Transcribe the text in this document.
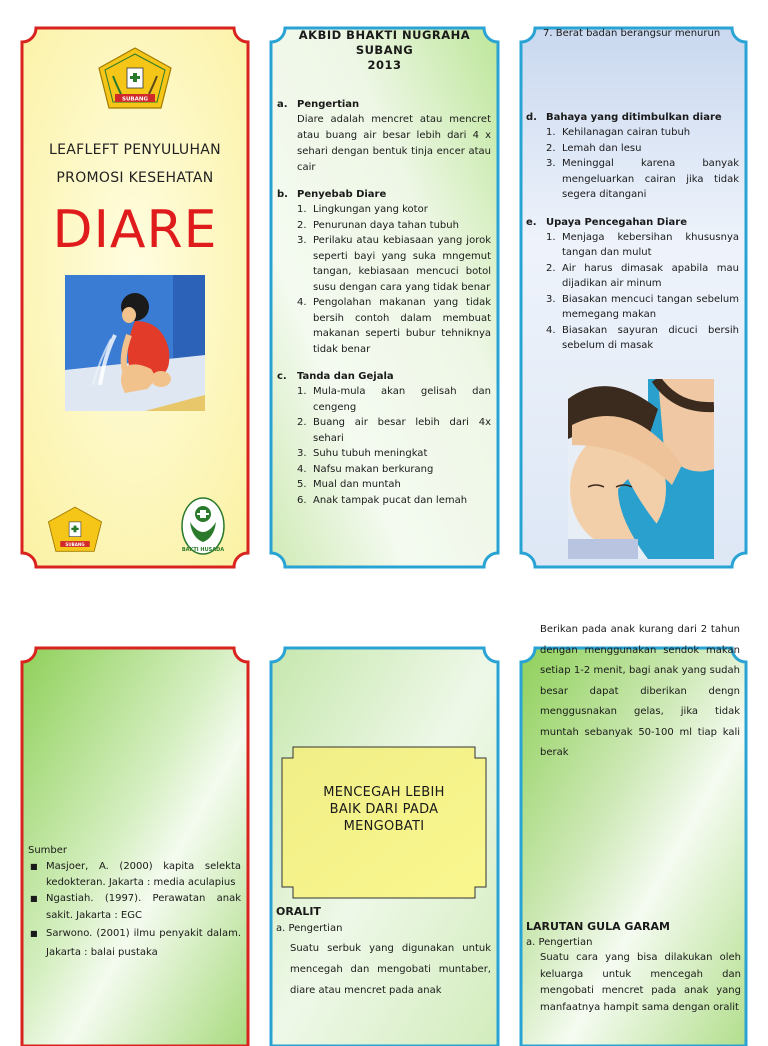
SUBANG
LEAFLEFT PENYULUHAN
PROMOSI KESEHATAN
DIARE
SUBANG
BAKTI HUSADA
AKBID BHAKTI NUGRAHA
SUBANG
2013
a. Pengertian
Diare adalah mencret atau mencret atau buang air besar lebih dari 4 x sehari dengan bentuk tinja encer atau cair
b. Penyebab Diare
1. Lingkungan yang kotor
2. Penurunan daya tahan tubuh
3. Perilaku atau kebiasaan yang jorok seperti bayi yang suka mngemut tangan, kebiasaan mencuci botol susu dengan cara yang tidak benar
4. Pengolahan makanan yang tidak bersih contoh dalam membuat makanan seperti bubur tehniknya tidak benar
c.	Tanda dan Gejala
1. Mula-mula akan gelisah dan cengeng
2. Buang air besar lebih dari 4x sehari
3. Suhu tubuh meningkat
4. Nafsu makan berkurang
5. Mual dan muntah
6. Anak tampak pucat dan lemah
7. Berat badan berangsur menurun
d. Bahaya yang ditimbulkan diare
1. Kehilanagan cairan tubuh
2. Lemah dan lesu
3. Meninggal karena banyak mengeluarkan cairan jika tidak segera ditangani
e. Upaya Pencegahan Diare
1. Menjaga kebersihan khususnya tangan dan mulut
2. Air harus dimasak apabila mau dijadikan air minum
3. Biasakan mencuci tangan sebelum memegang makan
4. Biasakan sayuran dicuci bersih sebelum di masak
Sumber
■ Masjoer, A. (2000) kapita selekta kedokteran. Jakarta : media aculapius
■ Ngastiah. (1997). Perawatan anak sakit. Jakarta : EGC
■ Sarwono. (2001) ilmu penyakit dalam. Jakarta : balai pustaka
MENCEGAH LEBIH BAIK DARI PADA MENGOBATI
ORALIT
a. Pengertian
Suatu serbuk yang digunakan untuk mencegah dan mengobati muntaber, diare atau mencret pada anak
Berikan pada anak kurang dari 2 tahun dengan menggunakan sendok makan setiap 1-2 menit, bagi anak yang sudah besar dapat diberikan dengn menggusnakan gelas, jika tidak muntah sebanyak 50-100 ml tiap kali berak
LARUTAN GULA GARAM
a. Pengertian
Suatu cara yang bisa dilakukan oleh keluarga untuk mencegah dan mengobati mencret pada anak yang manfaatnya hampit sama dengan oralit
